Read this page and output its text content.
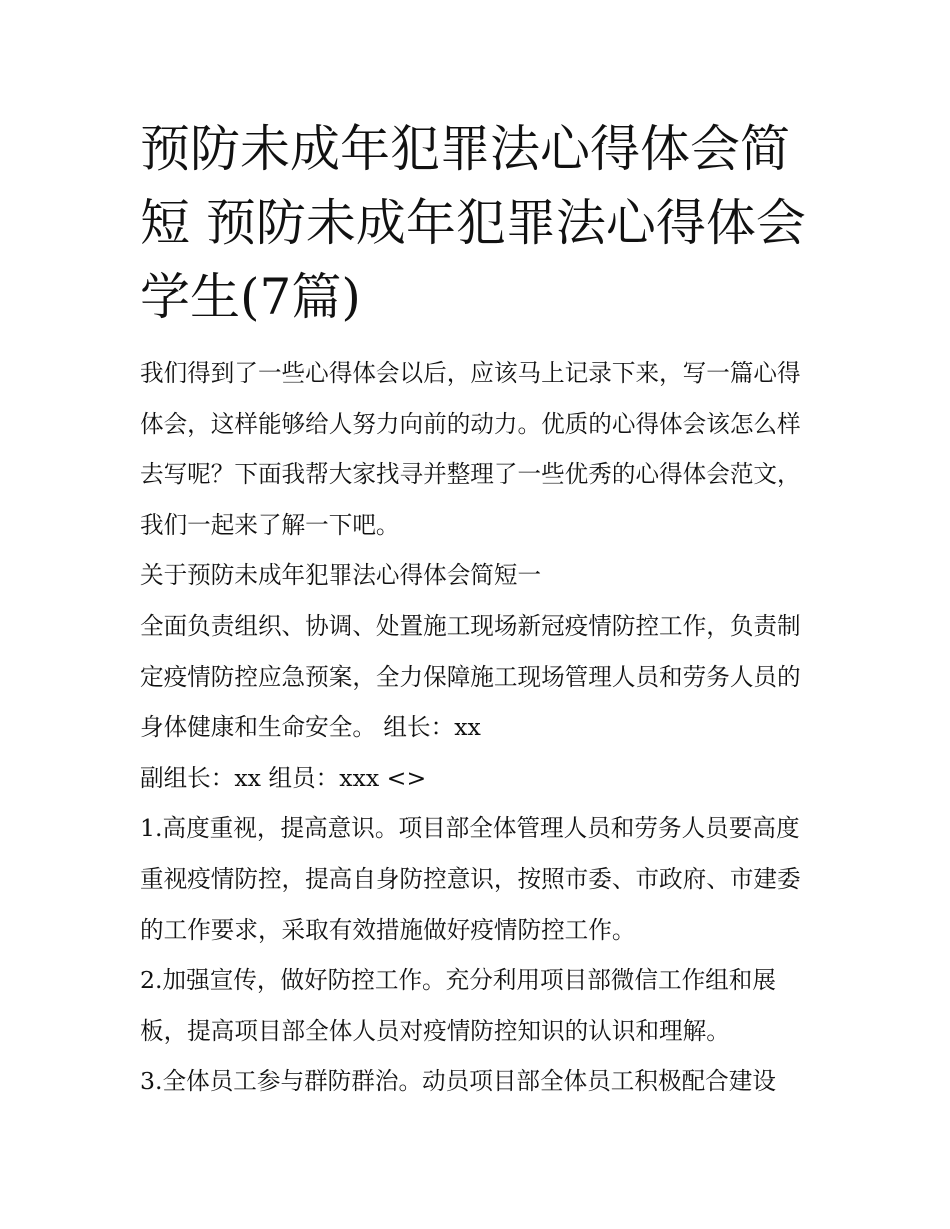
预防未成年犯罪法心得体会简短 预防未成年犯罪法心得体会学生(7篇)

我们得到了一些心得体会以后，应该马上记录下来，写一篇心得体会，这样能够给人努力向前的动力。优质的心得体会该怎么样去写呢？下面我帮大家找寻并整理了一些优秀的心得体会范文，我们一起来了解一下吧。

关于预防未成年犯罪法心得体会简短一

全面负责组织、协调、处置施工现场新冠疫情防控工作，负责制定疫情防控应急预案，全力保障施工现场管理人员和劳务人员的身体健康和生命安全。 组长：xx

副组长：xx 组员：xxx <>

1.高度重视，提高意识。项目部全体管理人员和劳务人员要高度重视疫情防控，提高自身防控意识，按照市委、市政府、市建委的工作要求，采取有效措施做好疫情防控工作。

2.加强宣传，做好防控工作。充分利用项目部微信工作组和展板，提高项目部全体人员对疫情防控知识的认识和理解。

3.全体员工参与群防群治。动员项目部全体员工积极配合建设
